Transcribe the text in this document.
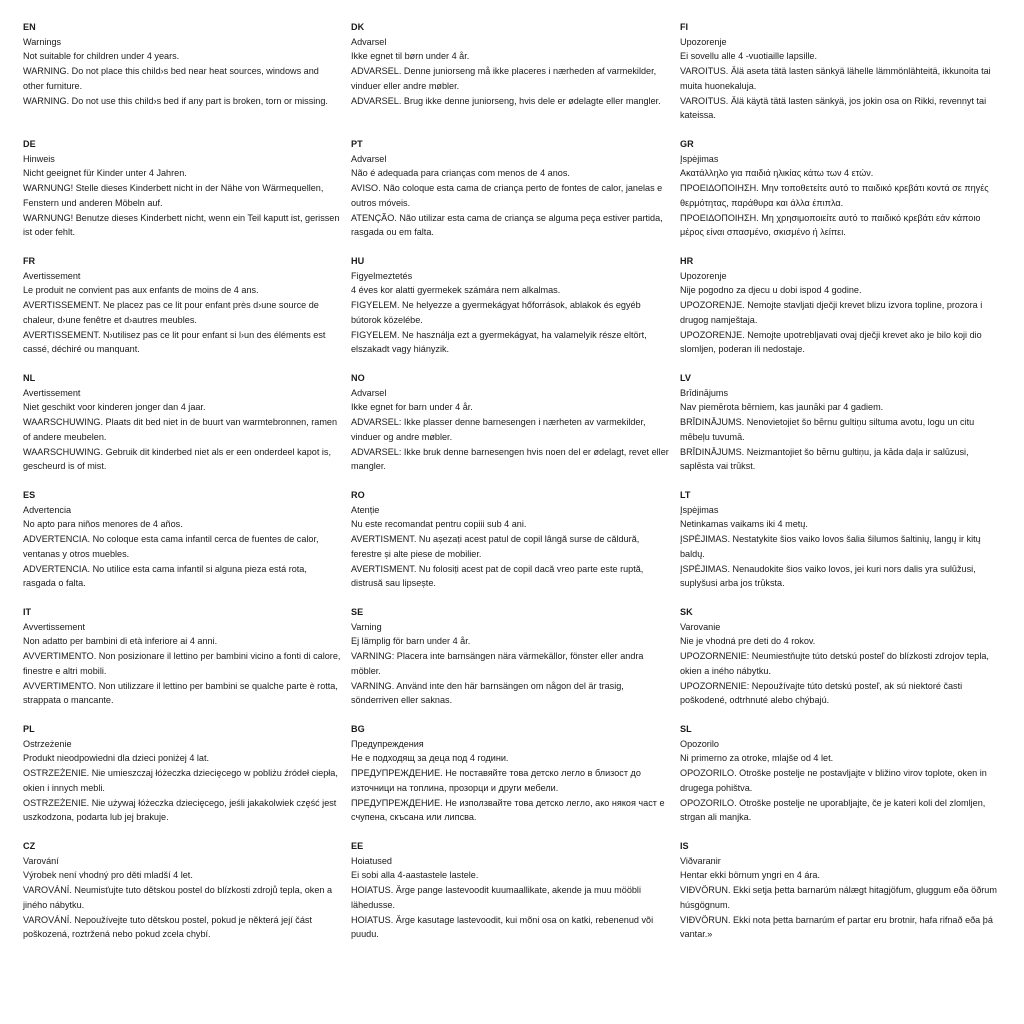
EN
Warnings
Not suitable for children under 4 years.
WARNING. Do not place this child›s bed near heat sources, windows and other furniture.
WARNING. Do not use this child›s bed if any part is broken, torn or missing.
DE
Hinweis
Nicht geeignet für Kinder unter 4 Jahren.
WARNUNG! Stelle dieses Kinderbett nicht in der Nähe von Wärmequellen, Fenstern und anderen Möbeln auf.
WARNUNG! Benutze dieses Kinderbett nicht, wenn ein Teil kaputt ist, gerissen ist oder fehlt.
FR
Avertissement
Le produit ne convient pas aux enfants de moins de 4 ans.
AVERTISSEMENT. Ne placez pas ce lit pour enfant près d›une source de chaleur, d›une fenêtre et d›autres meubles.
AVERTISSEMENT. N›utilisez pas ce lit pour enfant si l›un des éléments est cassé, déchiré ou manquant.
NL
Avertissement
Niet geschikt voor kinderen jonger dan 4 jaar.
WAARSCHUWING. Plaats dit bed niet in de buurt van warmtebronnen, ramen of andere meubelen.
WAARSCHUWING. Gebruik dit kinderbed niet als er een onderdeel kapot is, gescheurd is of mist.
ES
Advertencia
No apto para niños menores de 4 años.
ADVERTENCIA. No coloque esta cama infantil cerca de fuentes de calor, ventanas y otros muebles.
ADVERTENCIA. No utilice esta cama infantil si alguna pieza está rota, rasgada o falta.
IT
Avvertissement
Non adatto per bambini di età inferiore ai 4 anni.
AVVERTIMENTO. Non posizionare il lettino per bambini vicino a fonti di calore, finestre e altri mobili.
AVVERTIMENTO. Non utilizzare il lettino per bambini se qualche parte è rotta, strappata o mancante.
PL
Ostrzeżenie
Produkt nieodpowiedni dla dzieci poniżej 4 lat.
OSTRZEŻENIE. Nie umieszczaj łóżeczka dziecięcego w pobliżu źródeł ciepła, okien i innych mebli.
OSTRZEŻENIE. Nie używaj łóżeczka dziecięcego, jeśli jakakolwiek część jest uszkodzona, podarta lub jej brakuje.
CZ
Varování
Výrobek není vhodný pro děti mladší 4 let.
VAROVÁNÍ. Neumisťujte tuto dětskou postel do blízkosti zdrojů tepla, oken a jiného nábytku.
VAROVÁNÍ. Nepoužívejte tuto dětskou postel, pokud je některá její část poškozená, roztržená nebo pokud zcela chybí.
DK
Advarsel
Ikke egnet til børn under 4 år.
ADVARSEL. Denne juniorseng må ikke placeres i nærheden af varmekilder, vinduer eller andre møbler.
ADVARSEL. Brug ikke denne juniorseng, hvis dele er ødelagte eller mangler.
PT
Advarsel
Não é adequada para crianças com menos de 4 anos.
AVISO. Não coloque esta cama de criança perto de fontes de calor, janelas e outros móveis.
ATENÇÃO. Não utilizar esta cama de criança se alguma peça estiver partida, rasgada ou em falta.
HU
Figyelmeztetés
4 éves kor alatti gyermekek számára nem alkalmas.
FIGYELEM. Ne helyezze a gyermekágyat hőforrások, ablakok és egyéb bútorok közelébe.
FIGYELEM. Ne használja ezt a gyermekágyat, ha valamelyik része eltört, elszakadt vagy hiányzik.
NO
Advarsel
Ikke egnet for barn under 4 år.
ADVARSEL: Ikke plasser denne barnesengen i nærheten av varmekilder, vinduer og andre møbler.
ADVARSEL: Ikke bruk denne barnesengen hvis noen del er ødelagt, revet eller mangler.
RO
Atenție
Nu este recomandat pentru copiii sub 4 ani.
AVERTISMENT. Nu așezați acest patul de copil lângă surse de căldură, ferestre și alte piese de mobilier.
AVERTISMENT. Nu folosiți acest pat de copil dacă vreo parte este ruptă, distrusă sau lipsește.
SE
Varning
Ej lämplig för barn under 4 år.
VARNING: Placera inte barnsängen nära värmekällor, fönster eller andra möbler.
VARNING. Använd inte den här barnsängen om någon del är trasig, sönderriven eller saknas.
BG
Предупреждения
Не е подходящ за деца под 4 години.
ПРЕДУПРЕЖДЕНИЕ. Не поставяйте това детско легло в близост до източници на топлина, прозорци и други мебели.
ПРЕДУПРЕЖДЕНИЕ. Не използвайте това детско легло, ако някоя част е счупена, скъсана или липсва.
EE
Hoiatused
Ei sobi alla 4-aastastele lastele.
HOIATUS. Ärge pange lastevoodit kuumaallikate, akende ja muu mööbli lähedusse.
HOIATUS. Ärge kasutage lastevoodit, kui mõni osa on katki, rebenenud või puudu.
FI
Upozorenje
Ei sovellu alle 4 -vuotiaille lapsille.
VAROITUS. Älä aseta tätä lasten sänkyä lähelle lämmönlähteitä, ikkunoita tai muita huonekaluja.
VAROITUS. Älä käytä tätä lasten sänkyä, jos jokin osa on Rikki, revennyt tai kateissa.
GR
Įspėjimas
Ακατάλληλο για παιδιά ηλικίας κάτω των 4 ετών.
ΠΡΟΕΙΔΟΠΟΙΗΣΗ. Μην τοποθετείτε αυτό το παιδικό κρεβάτι κοντά σε πηγές θερμότητας, παράθυρα και άλλα έπιπλα.
ΠΡΟΕΙΔΟΠΟΙΗΣΗ. Μη χρησιμοποιείτε αυτό το παιδικό κρεβάτι εάν κάποιο μέρος είναι σπασμένο, σκισμένο ή λείπει.
HR
Upozorenje
Nije pogodno za djecu u dobi ispod 4 godine.
UPOZORENJE. Nemojte stavljati dječji krevet blizu izvora topline, prozora i drugog namještaja.
UPOZORENJE. Nemojte upotrebljavati ovaj dječji krevet ako je bilo koji dio slomljen, poderan ili nedostaje.
LV
Brīdinājums
Nav piemērota bērniem, kas jaunāki par 4 gadiem.
BRĪDINĀJUMS. Nenovietojiet šo bērnu gultiņu siltuma avotu, logu un citu mēbeļu tuvumā.
BRĪDINĀJUMS. Neizmantojiet šo bērnu gultiņu, ja kāda daļa ir salūzusi, saplēsta vai trūkst.
LT
Įspėjimas
Netinkamas vaikams iki 4 metų.
ĮSPĖJIMAS. Nestatykite šios vaiko lovos šalia šilumos šaltinių, langų ir kitų baldų.
ĮSPĖJIMAS. Nenaudokite šios vaiko lovos, jei kuri nors dalis yra sulūžusi, suplyšusi arba jos trūksta.
SK
Varovanie
Nie je vhodná pre deti do 4 rokov.
UPOZORNENIE: Neumiestňujte túto detskú posteľ do blízkosti zdrojov tepla, okien a iného nábytku.
UPOZORNENIE: Nepoužívajte túto detskú posteľ, ak sú niektoré časti poškodené, odtrhnuté alebo chýbajú.
SL
Opozorilo
Ni primerno za otroke, mlajše od 4 let.
OPOZORILO. Otroške postelje ne postavljajte v bližino virov toplote, oken in drugega pohištva.
OPOZORILO. Otroške postelje ne uporabljajte, če je kateri koli del zlomljen, strgan ali manjka.
IS
Viðvaranir
Hentar ekki börnum yngri en 4 ára.
VIÐVÖRUN. Ekki setja þetta barnarúm nálægt hitagjöfum, gluggum eða öðrum húsgögnum.
VIÐVÖRUN. Ekki nota þetta barnarúm ef partar eru brotnir, hafa rifnað eða þá vantar.»
